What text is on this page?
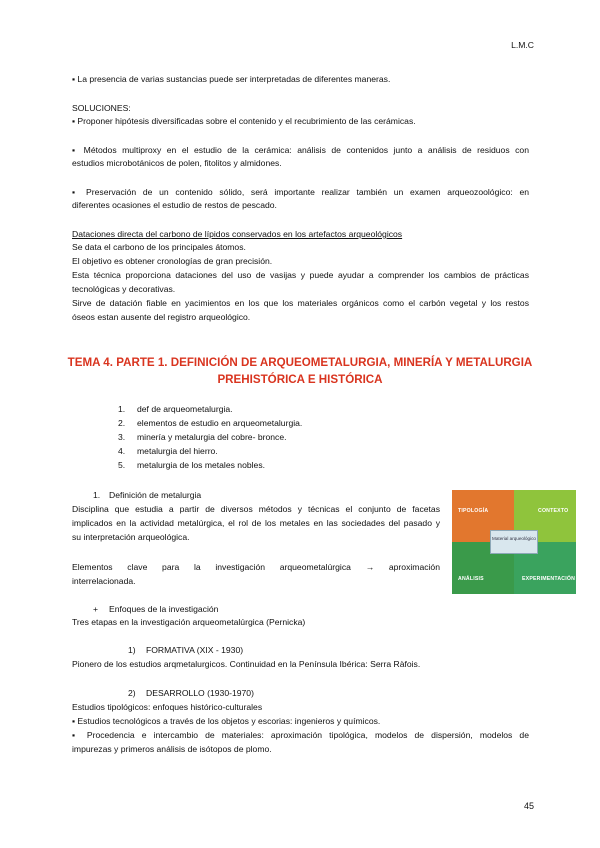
L.M.C
▪ La presencia de varias sustancias puede ser interpretadas de diferentes maneras.
SOLUCIONES:
▪ Proponer hipótesis diversificadas sobre el contenido y el recubrimiento de las cerámicas.
▪ Métodos multiproxy en el estudio de la cerámica: análisis de contenidos junto a análisis de residuos con
estudios microbotánicos de polen, fitolitos y almidones.
▪ Preservación de un contenido sólido, será importante realizar también un examen arqueozoológico: en
diferentes ocasiones el estudio de restos de pescado.
Dataciones directa del carbono de lípidos conservados en los artefactos arqueológicos
Se data el carbono de los principales átomos.
El objetivo es obtener cronologías de gran precisión.
Esta técnica proporciona dataciones del uso de vasijas y puede ayudar a comprender los cambios de prácticas
tecnológicas y decorativas.
Sirve de datación fiable en yacimientos en los que los materiales orgánicos como el carbón vegetal y los restos
óseos estan ausente del registro arqueológico.
TEMA 4. PARTE 1. DEFINICIÓN DE ARQUEOMETALURGIA, MINERÍA Y METALURGIA
PREHISTÓRICA E HISTÓRICA
1. def de arqueometalurgia.
2. elementos de estudio en arqueometalurgia.
3. minería y metalurgia del cobre- bronce.
4. metalurgia del hierro.
5. metalurgia de los metales nobles.
1. Definición de metalurgia
Disciplina que estudia a partir de diversos métodos y técnicas el conjunto de facetas
implicados en la actividad metalúrgica, el rol de los metales en las sociedades del pasado y
su interpretación arqueológica.
Elementos clave para la investigación arqueometalúrgica → aproximación
interrelacionada.
TIPOLOGÍA	CONTEXTO
ANÁLISIS	EXPERIMENTACIÓN
Material arqueológico
+ Enfoques de la investigación
Tres etapas en la investigación arqueometalúrgica (Pernicka)
1) FORMATIVA (XIX - 1930)
Pionero de los estudios arqmetalurgicos. Continuidad en la Península Ibérica: Serra Ràfois.
2) DESARROLLO (1930-1970)
Estudios tipológicos: enfoques histórico-culturales
▪ Estudios tecnológicos a través de los objetos y escorias: ingenieros y químicos.
▪ Procedencia e intercambio de materiales: aproximación tipológica, modelos de dispersión, modelos de
impurezas y primeros análisis de isótopos de plomo.
45
